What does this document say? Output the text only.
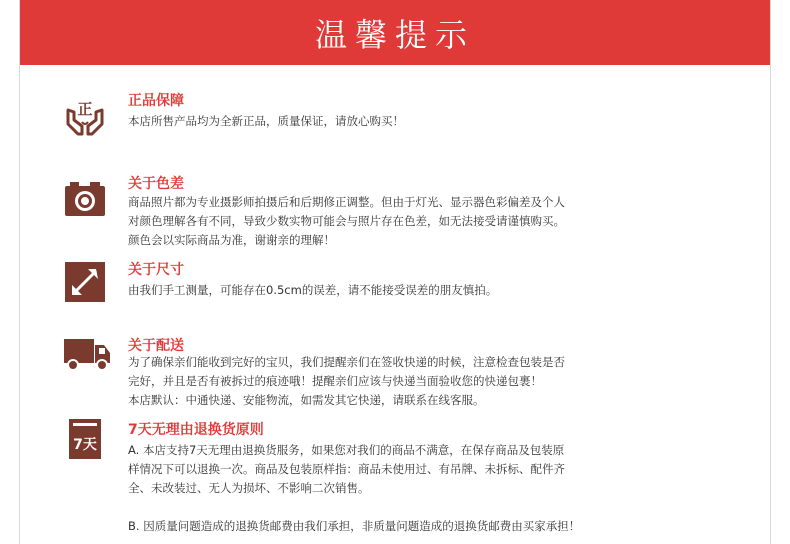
温馨提示
正	正品保障

本店所售产品均为全新正品，质量保证，请放心购买！

关于色差

商品照片都为专业摄影师拍摄后和后期修正调整。但由于灯光、显示器色彩偏差及个人

对颜色理解各有不同，导致少数实物可能会与照片存在色差，如无法接受请谨慎购买。

颜色会以实际商品为准，谢谢亲的理解！

关于尺寸

由我们手工测量，可能存在0.5cm的误差，请不能接受误差的朋友慎拍。

关于配送

为了确保亲们能收到完好的宝贝，我们提醒亲们在签收快递的时候，注意检查包装是否

完好，并且是否有被拆过的痕迹哦！提醒亲们应该与快递当面验收您的快递包裹！

本店默认：中通快递、安能物流，如需发其它快递，请联系在线客服。

7天
7天无理由退换货原则

A. 本店支持7天无理由退换货服务，如果您对我们的商品不满意，在保存商品及包装原

样情况下可以退换一次。商品及包装原样指：商品未使用过、有吊牌、未拆标、配件齐

全、未改装过、无人为损坏、不影响二次销售。

B. 因质量问题造成的退换货邮费由我们承担，非质量问题造成的退换货邮费由买家承担！
